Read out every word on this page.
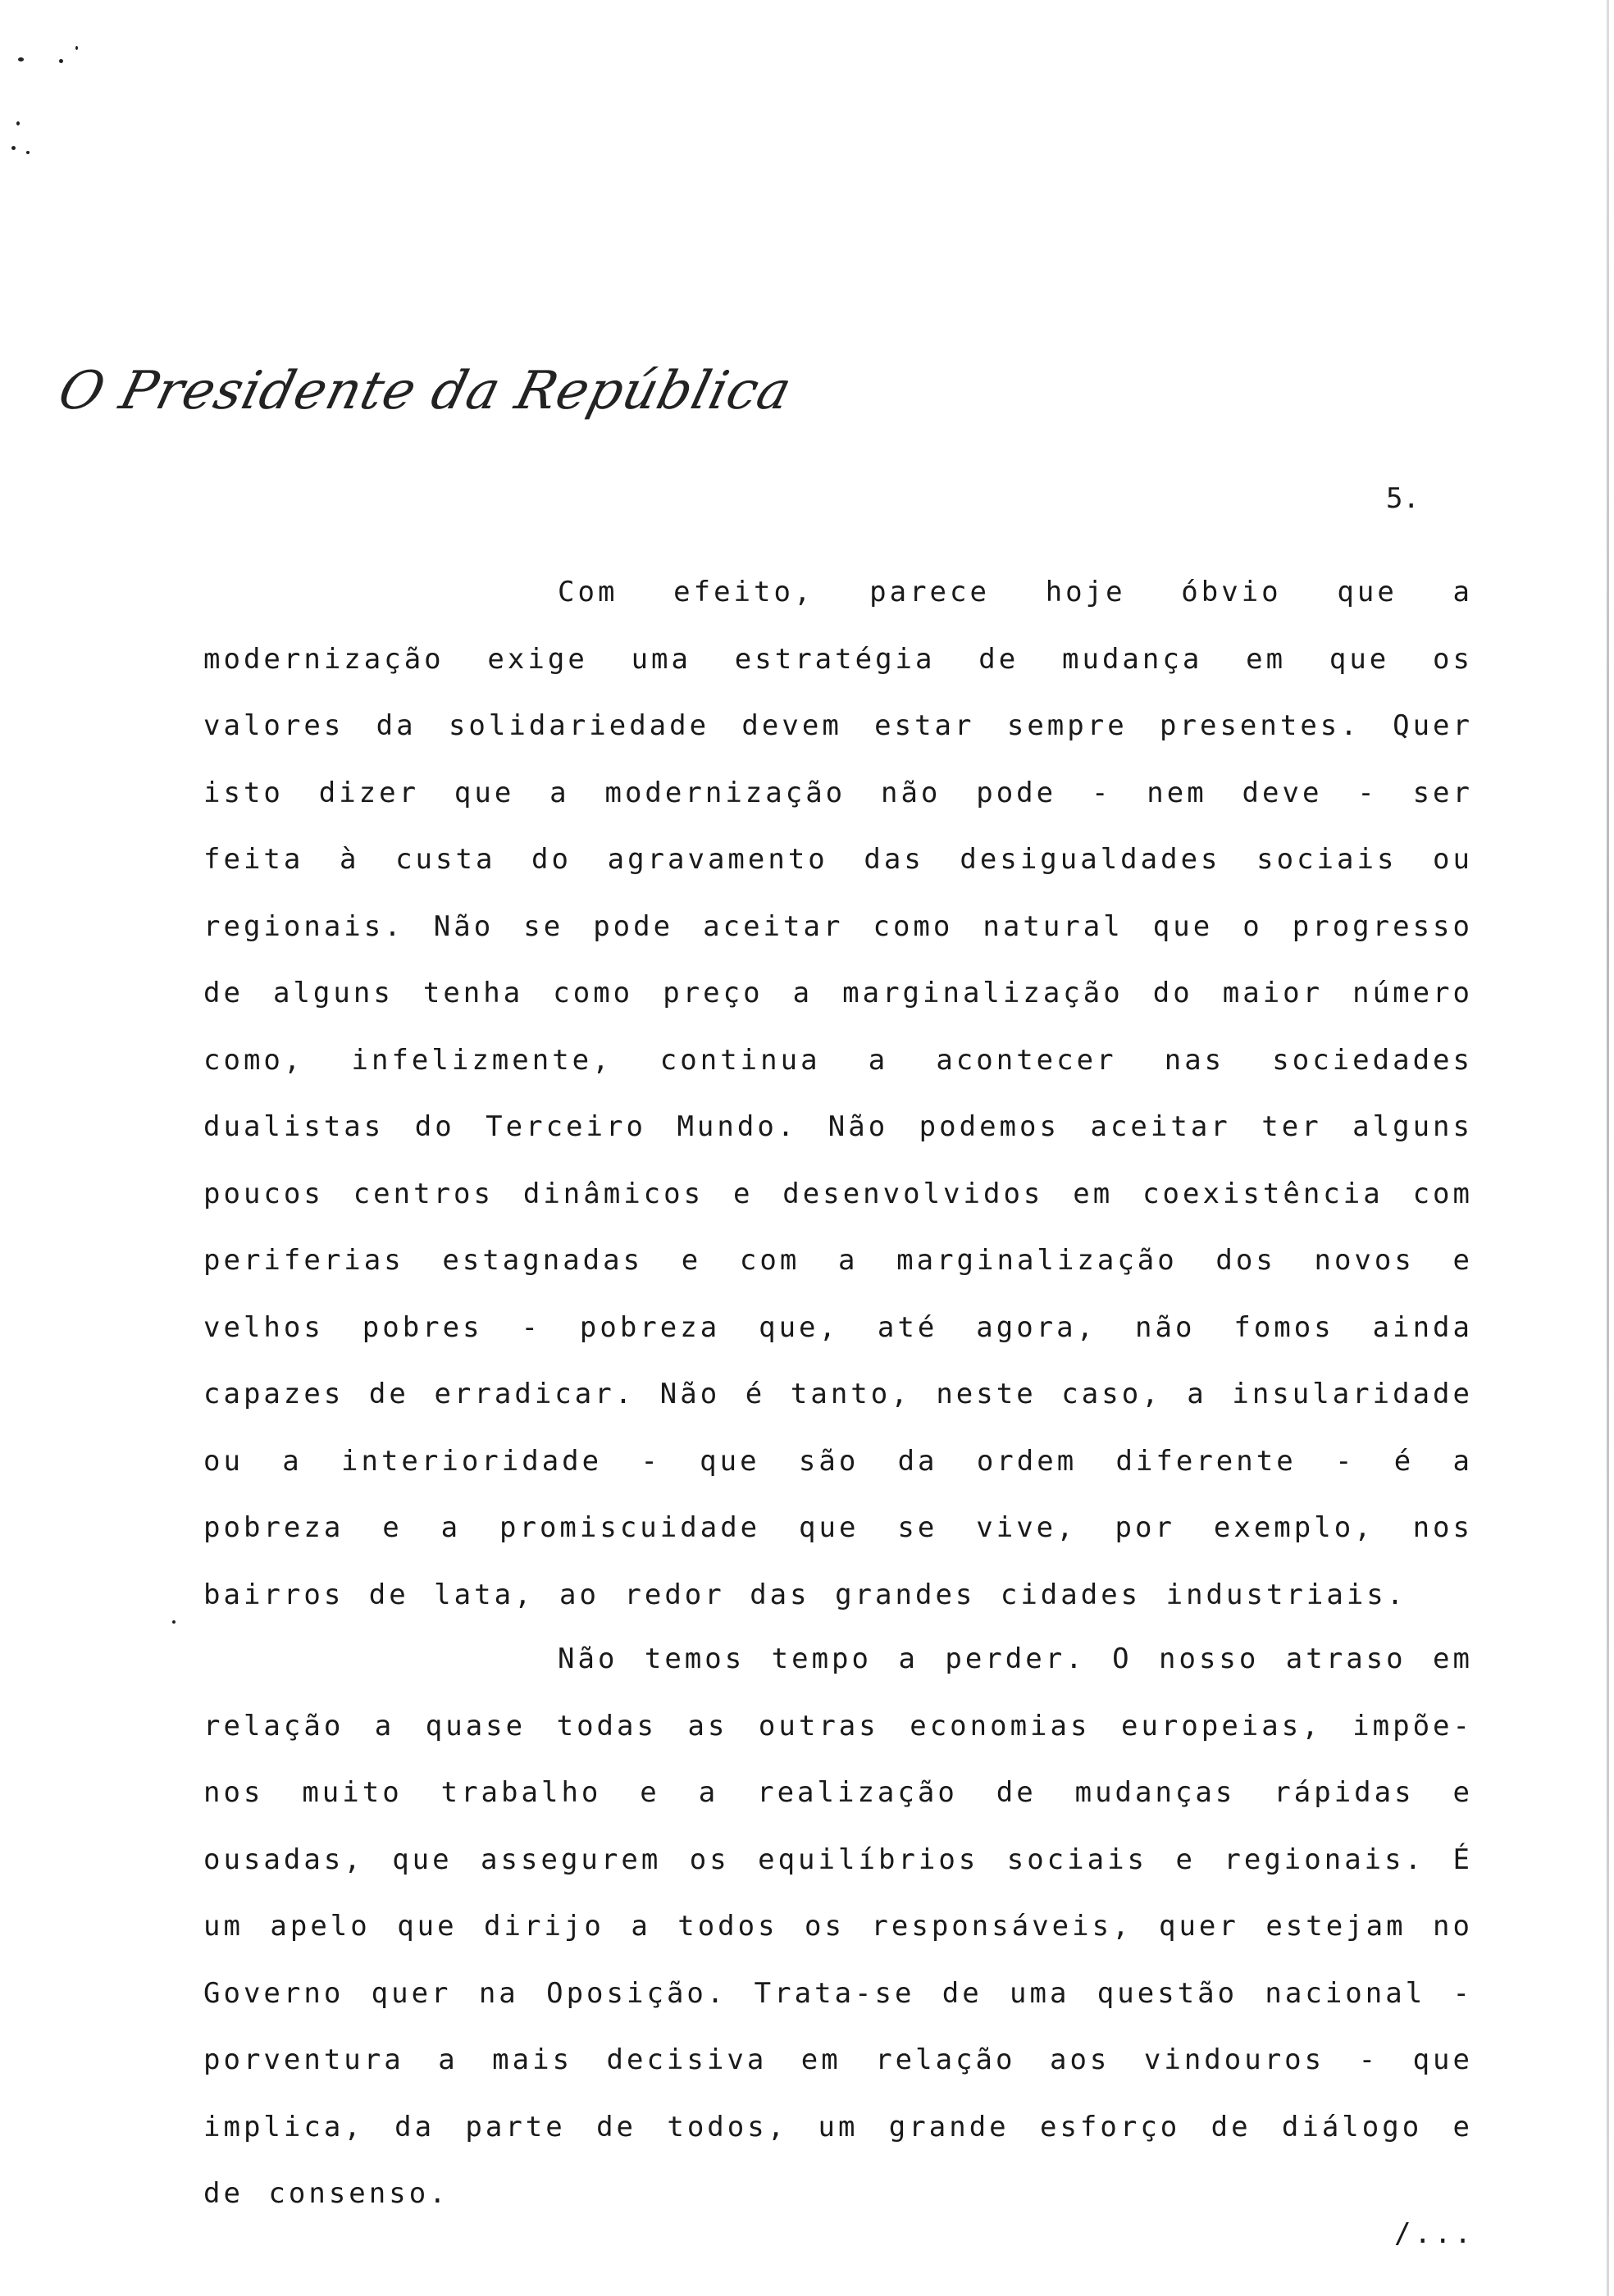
O Presidente da República
5.

Com efeito, parece hoje óbvio que a modernização exige uma estratégia de mudança em que os valores da solidariedade devem estar sempre presentes. Quer isto dizer que a modernização não pode - nem deve - ser feita à custa do agravamento das desigualdades sociais ou regionais. Não se pode aceitar como natural que o progresso de alguns tenha como preço a marginalização do maior número como, infelizmente, continua a acontecer nas sociedades dualistas do Terceiro Mundo. Não podemos aceitar ter alguns poucos centros dinâmicos e desenvolvidos em coexistência com periferias estagnadas e com a marginalização dos novos e velhos pobres - pobreza que, até agora, não fomos ainda capazes de erradicar. Não é tanto, neste caso, a insularidade ou a interioridade - que são da ordem diferente - é a pobreza e a promiscuidade que se vive, por exemplo, nos bairros de lata, ao redor das grandes cidades industriais.

Não temos tempo a perder. O nosso atraso em relação a quase todas as outras economias europeias, impõe-nos muito trabalho e a realização de mudanças rápidas e ousadas, que assegurem os equilíbrios sociais e regionais. É um apelo que dirijo a todos os responsáveis, quer estejam no Governo quer na Oposição. Trata-se de uma questão nacional - porventura a mais decisiva em relação aos vindouros - que implica, da parte de todos, um grande esforço de diálogo e de consenso.

/...
